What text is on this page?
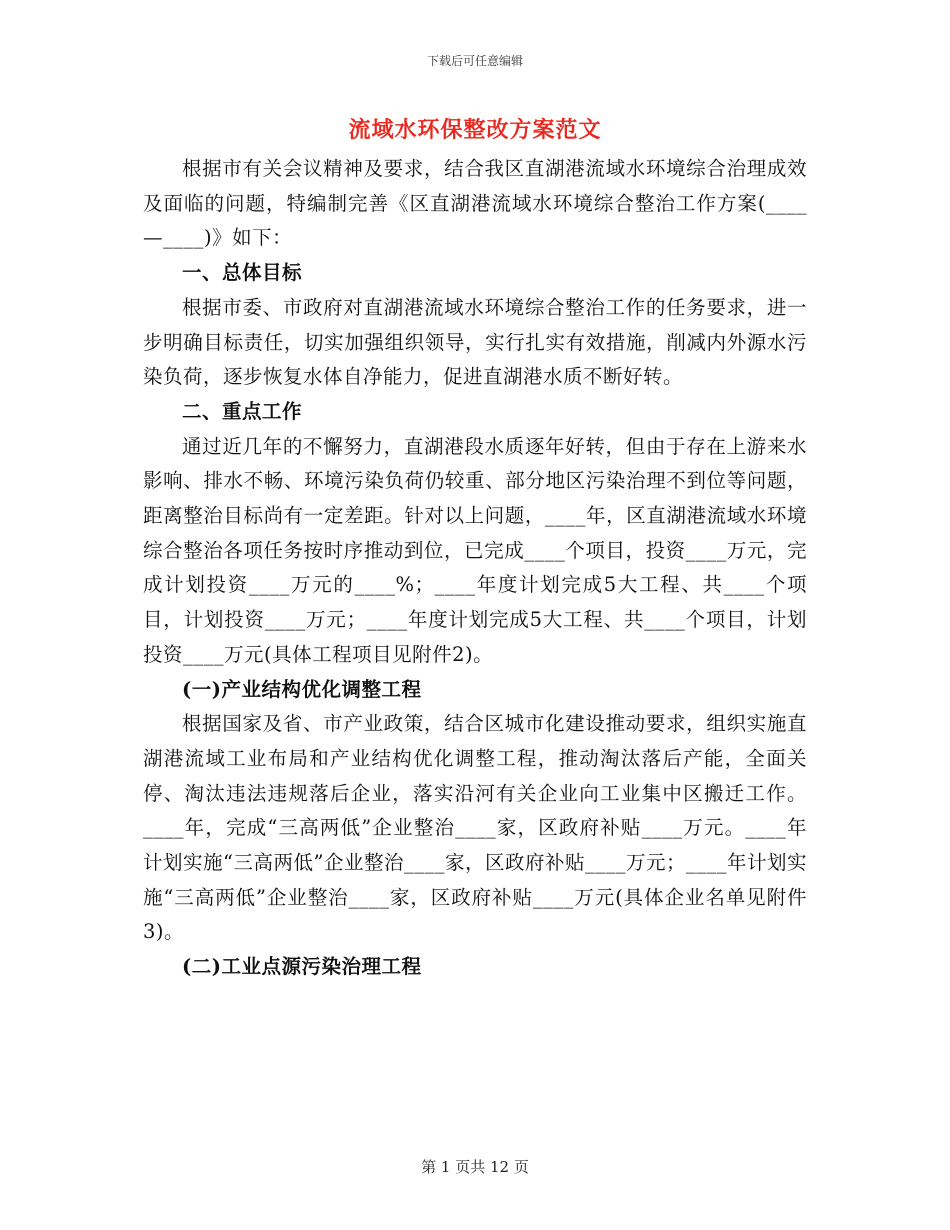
下载后可任意编辑
流域水环保整改方案范文

根据市有关会议精神及要求，结合我区直湖港流域水环境综合治理成效及面临的问题，特编制完善《区直湖港流域水环境综合整治工作方案(____—____)》如下：

一、总体目标

根据市委、市政府对直湖港流域水环境综合整治工作的任务要求，进一步明确目标责任，切实加强组织领导，实行扎实有效措施，削减内外源水污染负荷，逐步恢复水体自净能力，促进直湖港水质不断好转。

二、重点工作

通过近几年的不懈努力，直湖港段水质逐年好转，但由于存在上游来水影响、排水不畅、环境污染负荷仍较重、部分地区污染治理不到位等问题，距离整治目标尚有一定差距。针对以上问题，____年，区直湖港流域水环境综合整治各项任务按时序推动到位，已完成____个项目，投资____万元，完成计划投资____万元的____%；____年度计划完成5大工程、共____个项目，计划投资____万元；____年度计划完成5大工程、共____个项目，计划投资____万元(具体工程项目见附件2)。

(一)产业结构优化调整工程

根据国家及省、市产业政策，结合区城市化建设推动要求，组织实施直湖港流域工业布局和产业结构优化调整工程，推动淘汰落后产能，全面关停、淘汰违法违规落后企业，落实沿河有关企业向工业集中区搬迁工作。____年，完成“三高两低”企业整治____家，区政府补贴____万元。____年计划实施“三高两低”企业整治____家，区政府补贴____万元；____年计划实施“三高两低”企业整治____家，区政府补贴____万元(具体企业名单见附件3)。

(二)工业点源污染治理工程
第 1 页共 12 页
